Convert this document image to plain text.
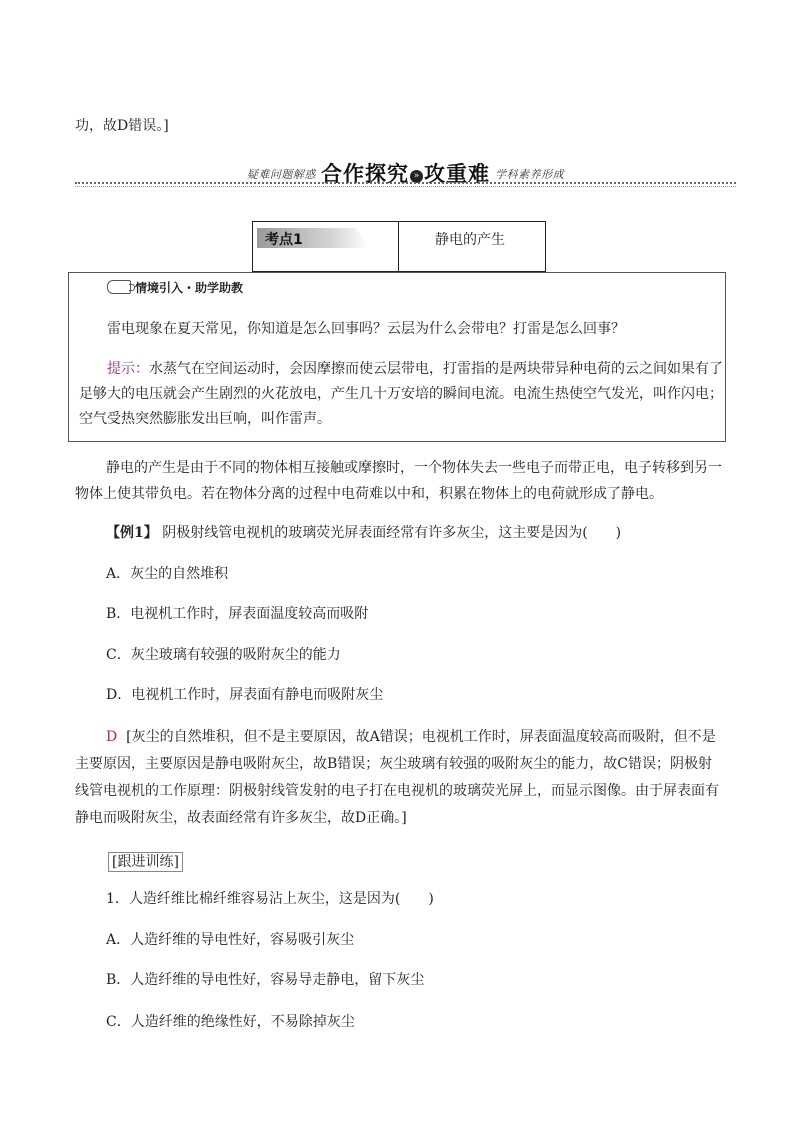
功，故D错误。]
疑难问题解惑 合作探究 » 攻重难 学科素养形成
考点1	静电的产生
情境引入・助学助教
雷电现象在夏天常见，你知道是怎么回事吗？云层为什么会带电？打雷是怎么回事？
提示：水蒸气在空间运动时，会因摩擦而使云层带电，打雷指的是两块带异种电荷的云之间如果有了
足够大的电压就会产生剧烈的火花放电，产生几十万安培的瞬间电流。电流生热使空气发光，叫作闪电；
空气受热突然膨胀发出巨响，叫作雷声。
静电的产生是由于不同的物体相互接触或摩擦时，一个物体失去一些电子而带正电，电子转移到另一
物体上使其带负电。若在物体分离的过程中电荷难以中和，积累在物体上的电荷就形成了静电。
【例1】 阴极射线管电视机的玻璃荧光屏表面经常有许多灰尘，这主要是因为(　　)
A．灰尘的自然堆积
B．电视机工作时，屏表面温度较高而吸附
C．灰尘玻璃有较强的吸附灰尘的能力
D．电视机工作时，屏表面有静电而吸附灰尘
D [灰尘的自然堆积，但不是主要原因，故A错误；电视机工作时，屏表面温度较高而吸附，但不是
主要原因，主要原因是静电吸附灰尘，故B错误；灰尘玻璃有较强的吸附灰尘的能力，故C错误；阴极射
线管电视机的工作原理：阴极射线管发射的电子打在电视机的玻璃荧光屏上，而显示图像。由于屏表面有
静电而吸附灰尘，故表面经常有许多灰尘，故D正确。]
[跟进训练]
1．人造纤维比棉纤维容易沾上灰尘，这是因为(　　)
A．人造纤维的导电性好，容易吸引灰尘
B．人造纤维的导电性好，容易导走静电，留下灰尘
C．人造纤维的绝缘性好，不易除掉灰尘
